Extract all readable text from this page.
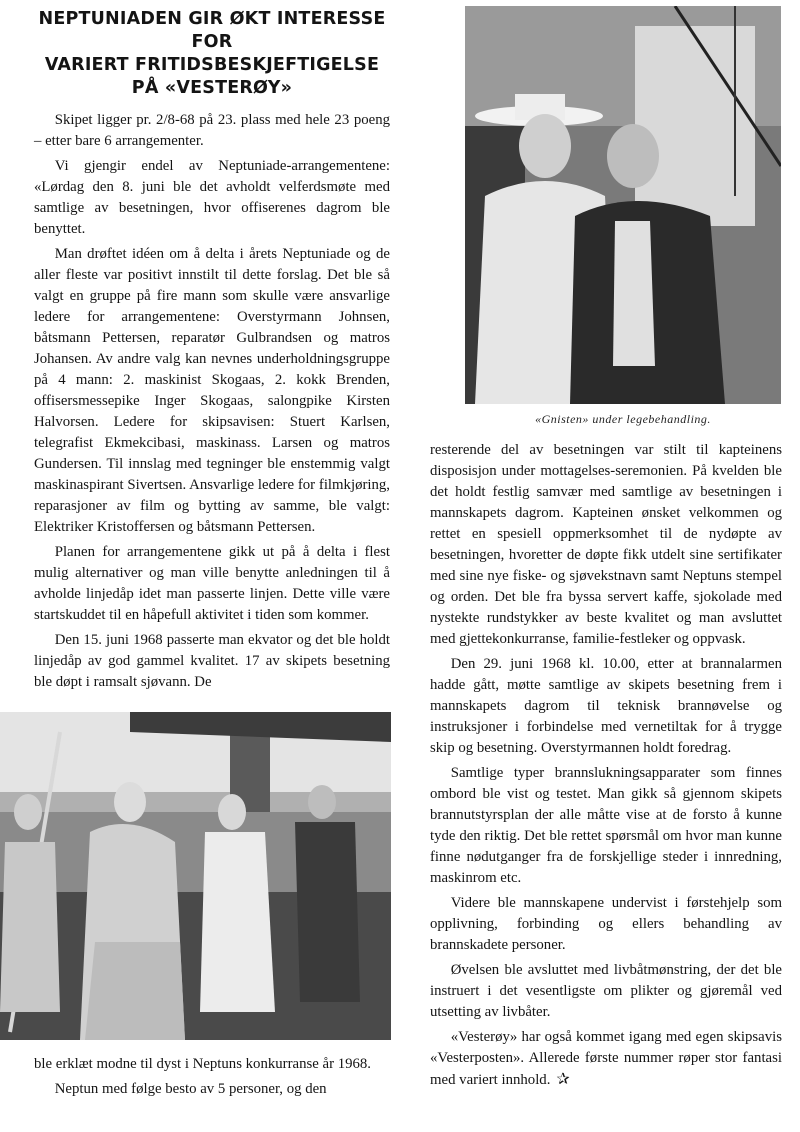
NEPTUNIADEN GIR ØKT INTERESSE FOR
VARIERT FRITIDSBESKJEFTIGELSE
PÅ «VESTERØY»

Skipet ligger pr. 2/8-68 på 23. plass med hele 23 poeng – etter bare 6 arrangementer.

Vi gjengir endel av Neptuniade-arrangementene: «Lørdag den 8. juni ble det avholdt velferdsmøte med samtlige av besetningen, hvor offiserenes dagrom ble benyttet.

Man drøftet idéen om å delta i årets Neptuniade og de aller fleste var positivt innstilt til dette forslag. Det ble så valgt en gruppe på fire mann som skulle være ansvarlige ledere for arrangementene: Overstyrmann Johnsen, båtsmann Pettersen, reparatør Gulbrandsen og matros Johansen. Av andre valg kan nevnes underholdningsgruppe på 4 mann: 2. maskinist Skogaas, 2. kokk Brenden, offisersmessepike Inger Skogaas, salongpike Kirsten Halvorsen. Ledere for skipsavisen: Stuert Karlsen, telegrafist Ekmekcibasi, maskinass. Larsen og matros Gundersen. Til innslag med tegninger ble enstemmig valgt maskinaspirant Sivertsen. Ansvarlige ledere for filmkjøring, reparasjoner av film og bytting av samme, ble valgt: Elektriker Kristoffersen og båtsmann Pettersen.

Planen for arrangementene gikk ut på å delta i flest mulig alternativer og man ville benytte anledningen til å avholde linjedåp idet man passerte linjen. Dette ville være startskuddet til en håpefull aktivitet i tiden som kommer.

Den 15. juni 1968 passerte man ekvator og det ble holdt linjedåp av god gammel kvalitet. 17 av skipets besetning ble døpt i ramsalt sjøvann. De

«Gnisten» under legebehandling.

ble erklæt modne til dyst i Neptuns konkurranse år 1968.

Neptun med følge besto av 5 personer, og den

resterende del av besetningen var stilt til kapteinens disposisjon under mottagelses-seremonien. På kvelden ble det holdt festlig samvær med samtlige av besetningen i mannskapets dagrom. Kapteinen ønsket velkommen og rettet en spesiell oppmerksomhet til de nydøpte av besetningen, hvoretter de døpte fikk utdelt sine sertifikater med sine nye fiske- og sjøvekstnavn samt Neptuns stempel og orden. Det ble fra byssa servert kaffe, sjokolade med nystekte rundstykker av beste kvalitet og man avsluttet med gjettekonkurranse, familie-festleker og oppvask.

Den 29. juni 1968 kl. 10.00, etter at brannalarmen hadde gått, møtte samtlige av skipets besetning frem i mannskapets dagrom til teknisk brannøvelse og instruksjoner i forbindelse med vernetiltak for å trygge skip og besetning. Overstyrmannen holdt foredrag.

Samtlige typer brannslukningsapparater som finnes ombord ble vist og testet. Man gikk så gjennom skipets brannutstyrsplan der alle måtte vise at de forsto å kunne tyde den riktig. Det ble rettet spørsmål om hvor man kunne finne nødutganger fra de forskjellige steder i innredning, maskinrom etc.

Videre ble mannskapene undervist i førstehjelp som opplivning, forbinding og ellers behandling av brannskadete personer.

Øvelsen ble avsluttet med livbåtmønstring, der det ble instruert i det vesentligste om plikter og gjøremål ved utsetting av livbåter.

«Vesterøy» har også kommet igang med egen skipsavis «Vesterposten». Allerede første nummer røper stor fantasi med variert innhold. ✰
